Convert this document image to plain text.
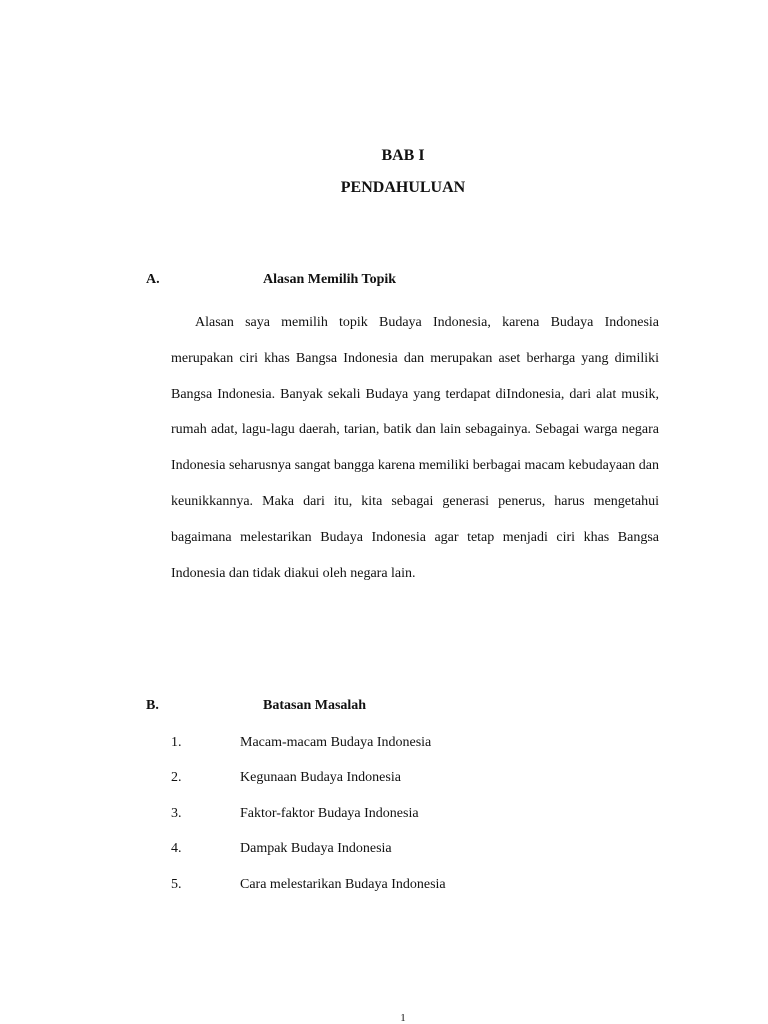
BAB I
PENDAHULUAN
A.	Alasan Memilih Topik

Alasan saya memilih topik Budaya Indonesia, karena Budaya Indonesia merupakan ciri khas Bangsa Indonesia dan merupakan aset berharga yang dimiliki Bangsa Indonesia. Banyak sekali Budaya yang terdapat diIndonesia, dari alat musik, rumah adat, lagu-lagu daerah, tarian, batik dan lain sebagainya. Sebagai warga negara Indonesia seharusnya sangat bangga karena memiliki berbagai macam kebudayaan dan keunikkannya. Maka dari itu, kita sebagai generasi penerus, harus mengetahui bagaimana melestarikan Budaya Indonesia agar tetap menjadi ciri khas Bangsa Indonesia dan tidak diakui oleh negara lain.

B.	Batasan Masalah
1.	Macam-macam Budaya Indonesia
2.	Kegunaan Budaya Indonesia
3.	Faktor-faktor Budaya Indonesia
4.	Dampak Budaya Indonesia
5.	Cara melestarikan Budaya Indonesia
1
